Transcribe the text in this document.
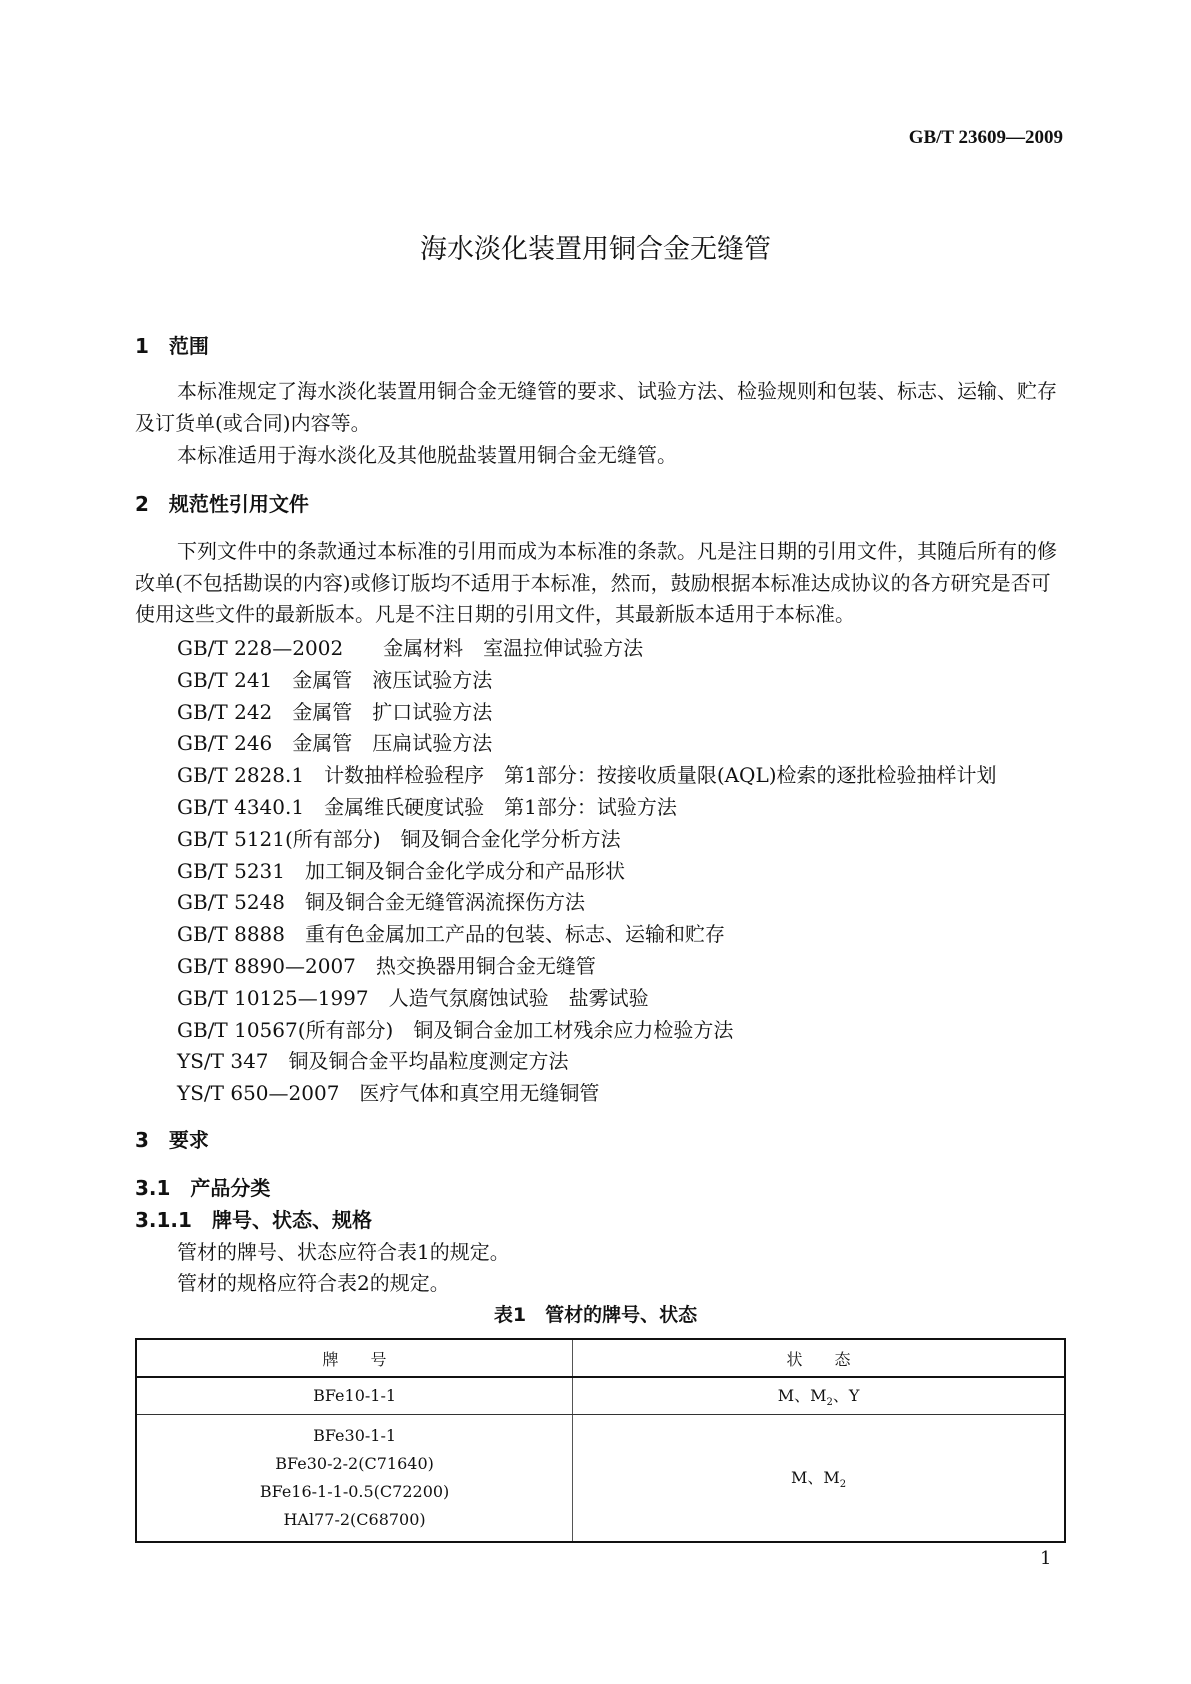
GB/T 23609—2009
海水淡化装置用铜合金无缝管
1　范围
本标准规定了海水淡化装置用铜合金无缝管的要求、试验方法、检验规则和包装、标志、运输、贮存及订货单(或合同)内容等。
本标准适用于海水淡化及其他脱盐装置用铜合金无缝管。
2　规范性引用文件
下列文件中的条款通过本标准的引用而成为本标准的条款。凡是注日期的引用文件，其随后所有的修改单(不包括勘误的内容)或修订版均不适用于本标准，然而，鼓励根据本标准达成协议的各方研究是否可使用这些文件的最新版本。凡是不注日期的引用文件，其最新版本适用于本标准。
GB/T 228—2002　　金属材料　室温拉伸试验方法
GB/T 241　金属管　液压试验方法
GB/T 242　金属管　扩口试验方法
GB/T 246　金属管　压扁试验方法
GB/T 2828.1　计数抽样检验程序　第1部分：按接收质量限(AQL)检索的逐批检验抽样计划
GB/T 4340.1　金属维氏硬度试验　第1部分：试验方法
GB/T 5121(所有部分)　铜及铜合金化学分析方法
GB/T 5231　加工铜及铜合金化学成分和产品形状
GB/T 5248　铜及铜合金无缝管涡流探伤方法
GB/T 8888　重有色金属加工产品的包装、标志、运输和贮存
GB/T 8890—2007　热交换器用铜合金无缝管
GB/T 10125—1997　人造气氛腐蚀试验　盐雾试验
GB/T 10567(所有部分)　铜及铜合金加工材残余应力检验方法
YS/T 347　铜及铜合金平均晶粒度测定方法
YS/T 650—2007　医疗气体和真空用无缝铜管
3　要求
3.1　产品分类
3.1.1　牌号、状态、规格
管材的牌号、状态应符合表1的规定。
管材的规格应符合表2的规定。
表1　管材的牌号、状态
牌　　号	状　　态

BFe10-1-1	M、$M_2$、Y

BFe30-1-1
BFe30-2-2(C71640)
BFe16-1-1-0.5(C72200)
HAl77-2(C68700)	M、$M_2$
1
